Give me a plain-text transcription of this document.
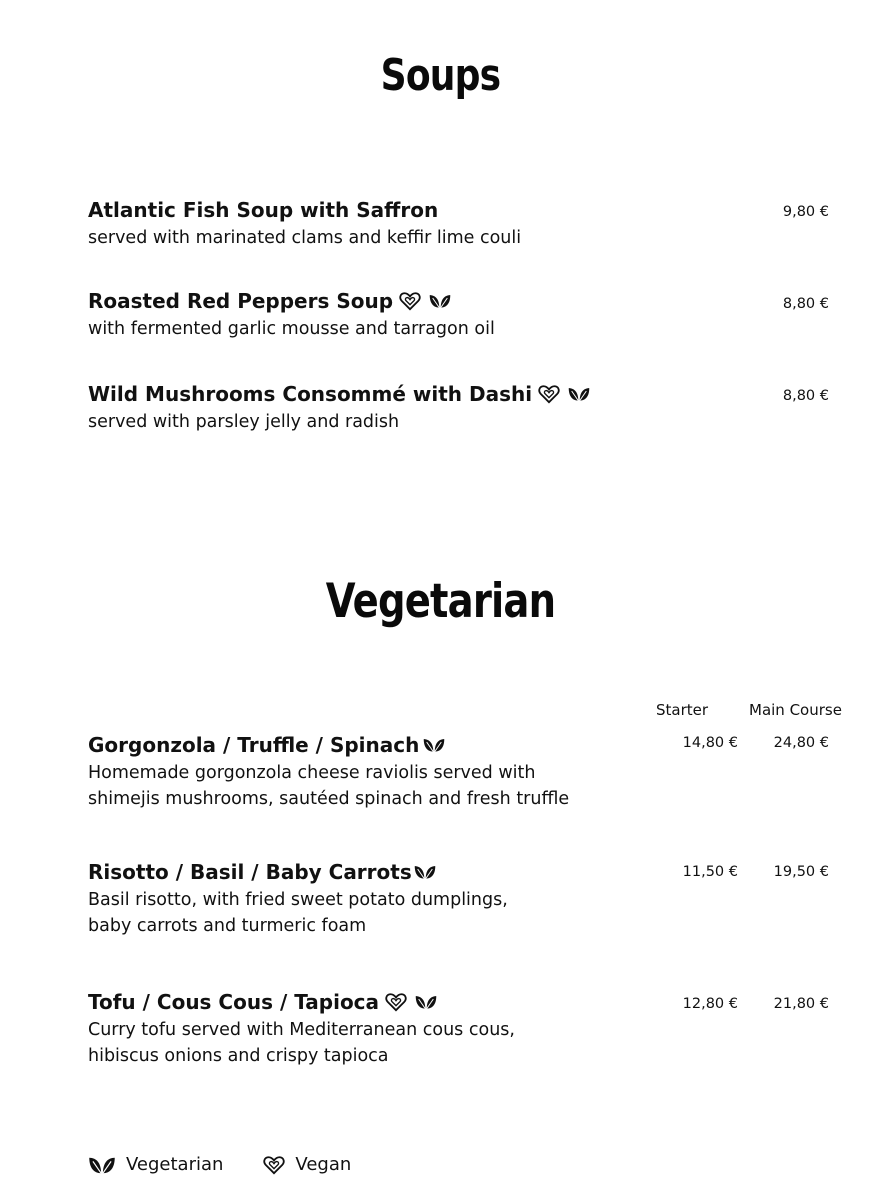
Soups
Atlantic Fish Soup with Saffron
served with marinated clams and keffir lime couli
9,80 €
Roasted Red Peppers Soup
with fermented garlic mousse and tarragon oil
8,80 €
Wild Mushrooms Consommé with Dashi
served with parsley jelly and radish
8,80 €
Vegetarian
Starter	Main Course
Gorgonzola / Truffle / Spinach
Homemade gorgonzola cheese raviolis served with
shimejis mushrooms, sautéed spinach and fresh truffle
14,80 €	24,80 €
Risotto / Basil / Baby Carrots
Basil risotto, with fried sweet potato dumplings,
baby carrots and turmeric foam
11,50 €	19,50 €
Tofu / Cous Cous / Tapioca
Curry tofu served with Mediterranean cous cous,
hibiscus onions and crispy tapioca
12,80 €	21,80 €
Vegetarian	Vegan
